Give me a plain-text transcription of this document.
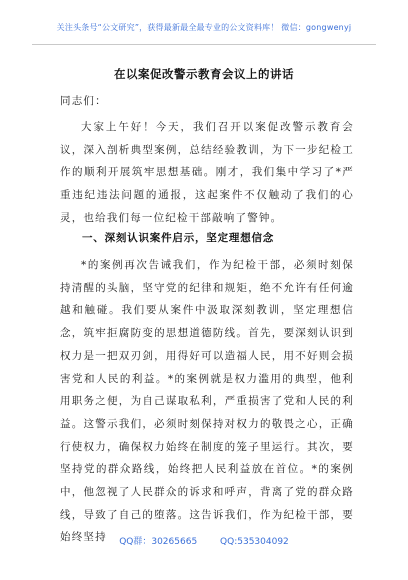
关注头条号“公文研究”，获得最新最全最专业的公文资料库！ 微信：gongwenyj
在以案促改警示教育会议上的讲话
同志们：

大家上午好！今天，我们召开以案促改警示教育会议，深入剖析典型案例，总结经验教训，为下一步纪检工作的顺利开展筑牢思想基础。刚才，我们集中学习了*严重违纪违法问题的通报，这起案件不仅触动了我们的心灵，也给我们每一位纪检干部敲响了警钟。

一、深刻认识案件启示，坚定理想信念

*的案例再次告诫我们，作为纪检干部，必须时刻保持清醒的头脑，坚守党的纪律和规矩，绝不允许有任何逾越和触碰。我们要从案件中汲取深刻教训，坚定理想信念，筑牢拒腐防变的思想道德防线。首先，要深刻认识到权力是一把双刃剑，用得好可以造福人民，用不好则会损害党和人民的利益。*的案例就是权力滥用的典型，他利用职务之便，为自己谋取私利，严重损害了党和人民的利益。这警示我们，必须时刻保持对权力的敬畏之心，正确行使权力，确保权力始终在制度的笼子里运行。其次，要坚持党的群众路线，始终把人民利益放在首位。*的案例中，他忽视了人民群众的诉求和呼声，背离了党的群众路线，导致了自己的堕落。这告诉我们，作为纪检干部，要始终坚持	QQ群：30265665	QQ:535304092
